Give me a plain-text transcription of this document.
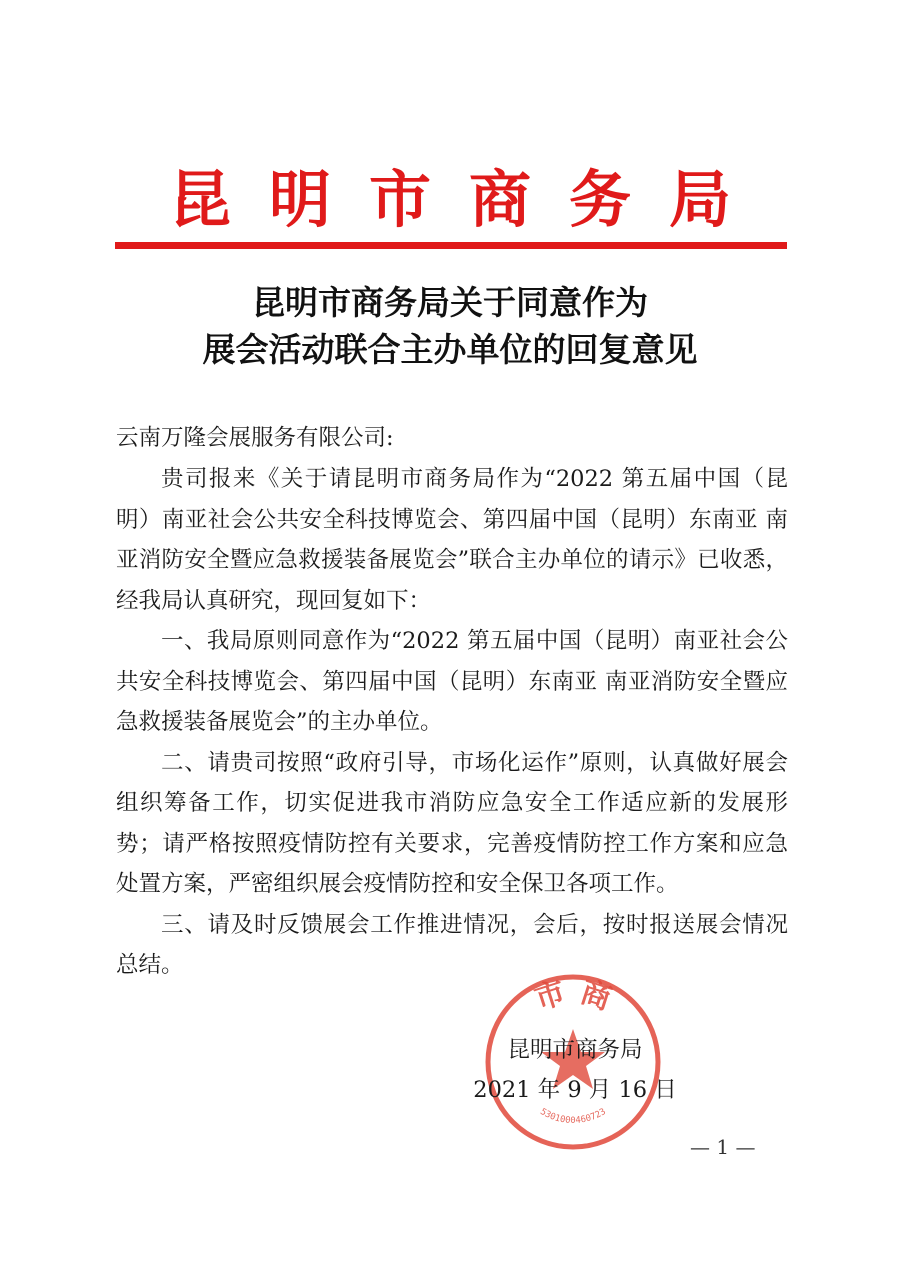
昆明市商务局
昆明市商务局关于同意作为
展会活动联合主办单位的回复意见
云南万隆会展服务有限公司:

贵司报来《关于请昆明市商务局作为“2022 第五届中国（昆明）南亚社会公共安全科技博览会、第四届中国（昆明）东南亚 南亚消防安全暨应急救援装备展览会”联合主办单位的请示》已收悉，经我局认真研究，现回复如下：

一、我局原则同意作为“2022 第五届中国（昆明）南亚社会公共安全科技博览会、第四届中国（昆明）东南亚 南亚消防安全暨应急救援装备展览会”的主办单位。

二、请贵司按照“政府引导，市场化运作”原则，认真做好展会组织筹备工作，切实促进我市消防应急安全工作适应新的发展形势；请严格按照疫情防控有关要求，完善疫情防控工作方案和应急处置方案，严密组织展会疫情防控和安全保卫各项工作。

三、请及时反馈展会工作推进情况，会后，按时报送展会情况总结。

市 商
5301000460723
昆明市商务局
2021 年 9 月 16 日
— 1 —
